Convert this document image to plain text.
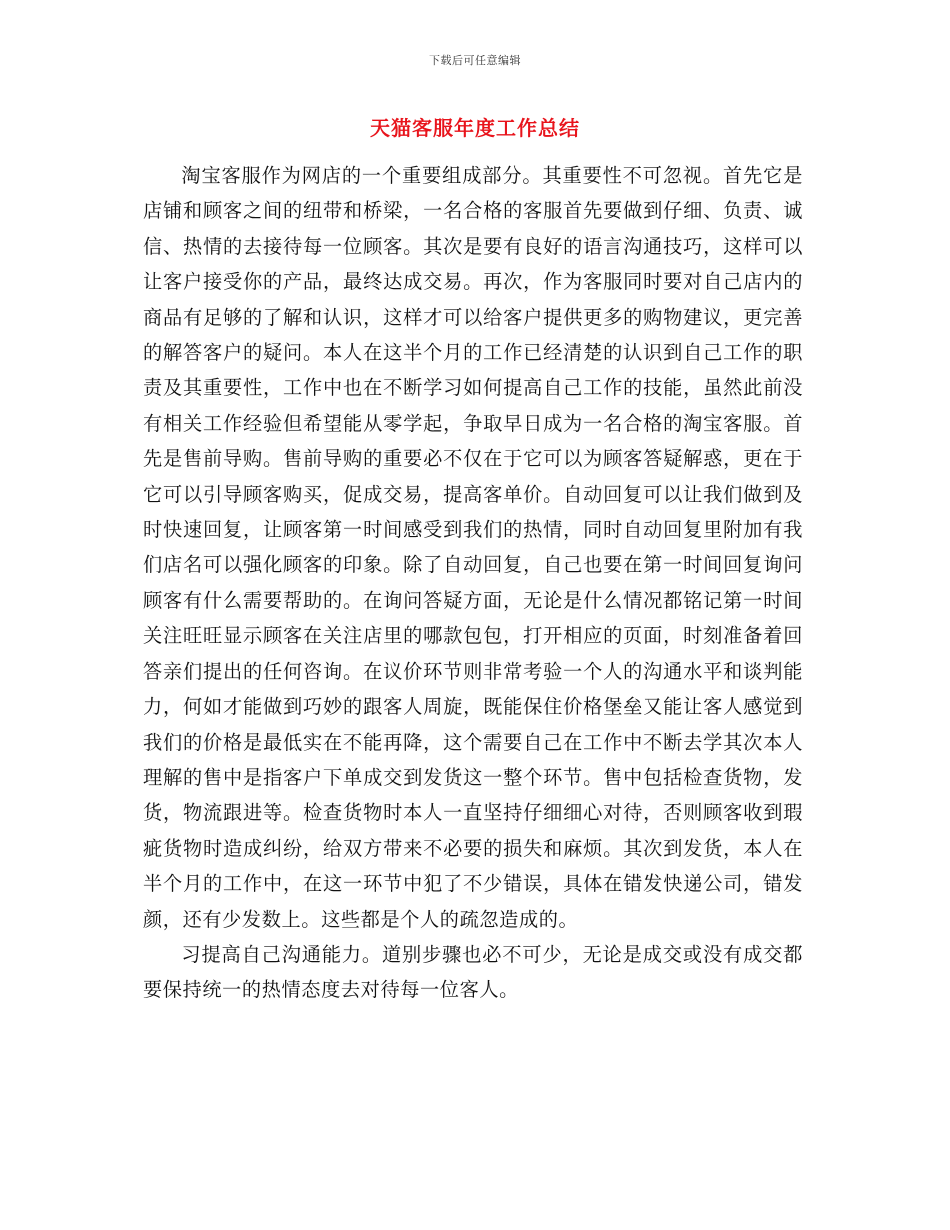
下载后可任意编辑
天猫客服年度工作总结

淘宝客服作为网店的一个重要组成部分。其重要性不可忽视。首先它是店铺和顾客之间的纽带和桥梁，一名合格的客服首先要做到仔细、负责、诚信、热情的去接待每一位顾客。其次是要有良好的语言沟通技巧，这样可以让客户接受你的产品，最终达成交易。再次，作为客服同时要对自己店内的商品有足够的了解和认识，这样才可以给客户提供更多的购物建议，更完善的解答客户的疑问。本人在这半个月的工作已经清楚的认识到自己工作的职责及其重要性，工作中也在不断学习如何提高自己工作的技能，虽然此前没有相关工作经验但希望能从零学起，争取早日成为一名合格的淘宝客服。首先是售前导购。售前导购的重要必不仅在于它可以为顾客答疑解惑，更在于它可以引导顾客购买，促成交易，提高客单价。自动回复可以让我们做到及时快速回复，让顾客第一时间感受到我们的热情，同时自动回复里附加有我们店名可以强化顾客的印象。除了自动回复，自己也要在第一时间回复询问顾客有什么需要帮助的。在询问答疑方面，无论是什么情况都铭记第一时间关注旺旺显示顾客在关注店里的哪款包包，打开相应的页面，时刻准备着回答亲们提出的任何咨询。在议价环节则非常考验一个人的沟通水平和谈判能力，何如才能做到巧妙的跟客人周旋，既能保住价格堡垒又能让客人感觉到我们的价格是最低实在不能再降，这个需要自己在工作中不断去学其次本人理解的售中是指客户下单成交到发货这一整个环节。售中包括检查货物，发货，物流跟进等。检查货物时本人一直坚持仔细细心对待，否则顾客收到瑕疵货物时造成纠纷，给双方带来不必要的损失和麻烦。其次到发货，本人在半个月的工作中，在这一环节中犯了不少错误，具体在错发快递公司，错发颜，还有少发数上。这些都是个人的疏忽造成的。

习提高自己沟通能力。道别步骤也必不可少，无论是成交或没有成交都要保持统一的热情态度去对待每一位客人。
